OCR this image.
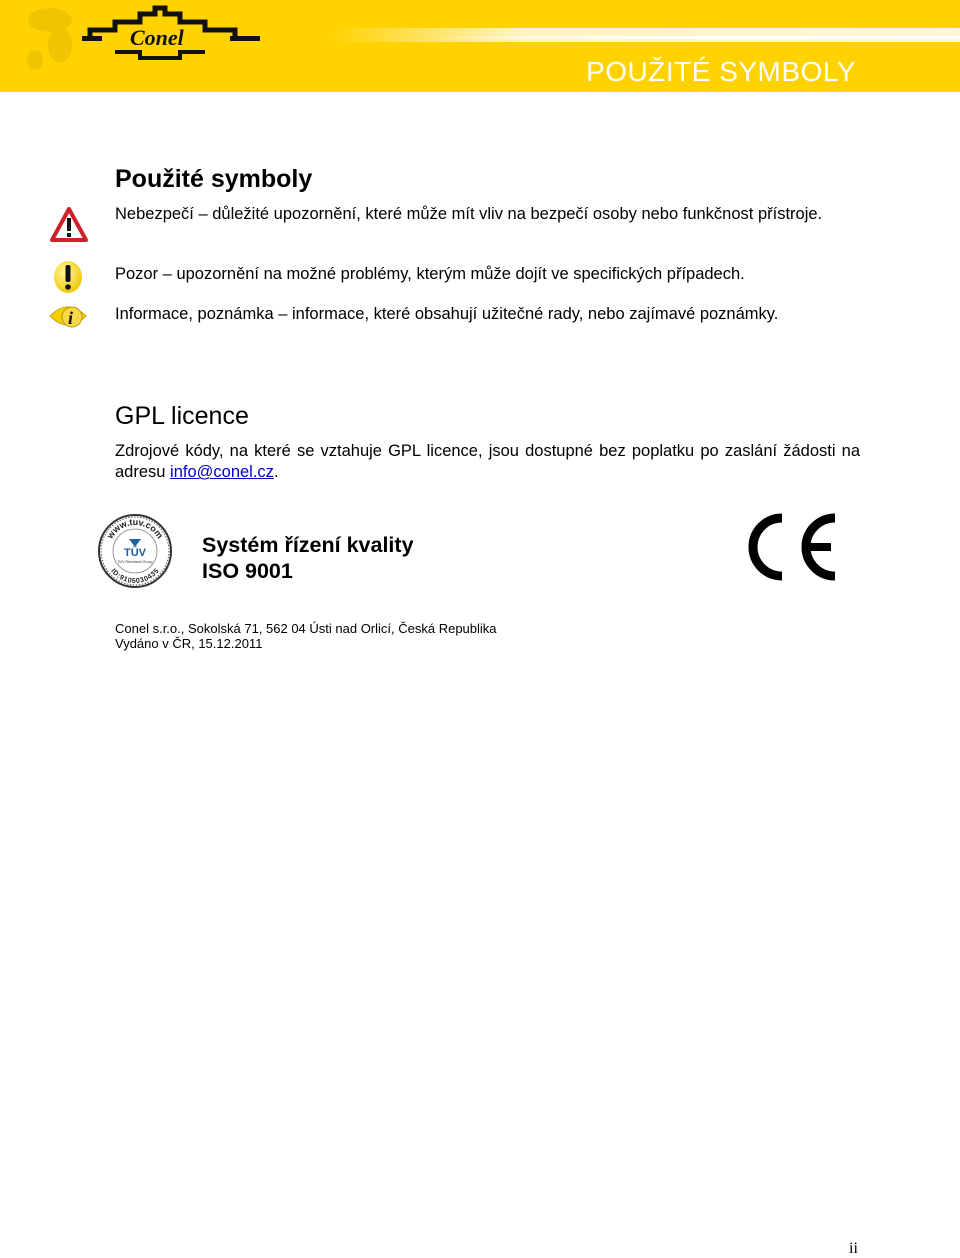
Conel
POUŽITÉ SYMBOLY
Použité symboly
Nebezpečí – důležité upozornění, které může mít vliv na bezpečí osoby nebo funkčnost přístroje.
Pozor – upozornění na možné problémy, kterým může dojít ve specifických případech.
i	Informace, poznámka – informace, které obsahují užitečné rady, nebo zajímavé poznámky.
GPL licence
Zdrojové kódy, na které se vztahuje GPL licence, jsou dostupné bez poplatku po zaslání žádosti na adresu info@conel.cz.
www.tuv.com
ID:9105030435
TÜV
TÜV Rheinland Group
Systém řízení kvality
ISO 9001
Conel s.r.o., Sokolská 71, 562 04 Ústi nad Orlicí, Česká Republika
Vydáno v ČR, 15.12.2011
ii
